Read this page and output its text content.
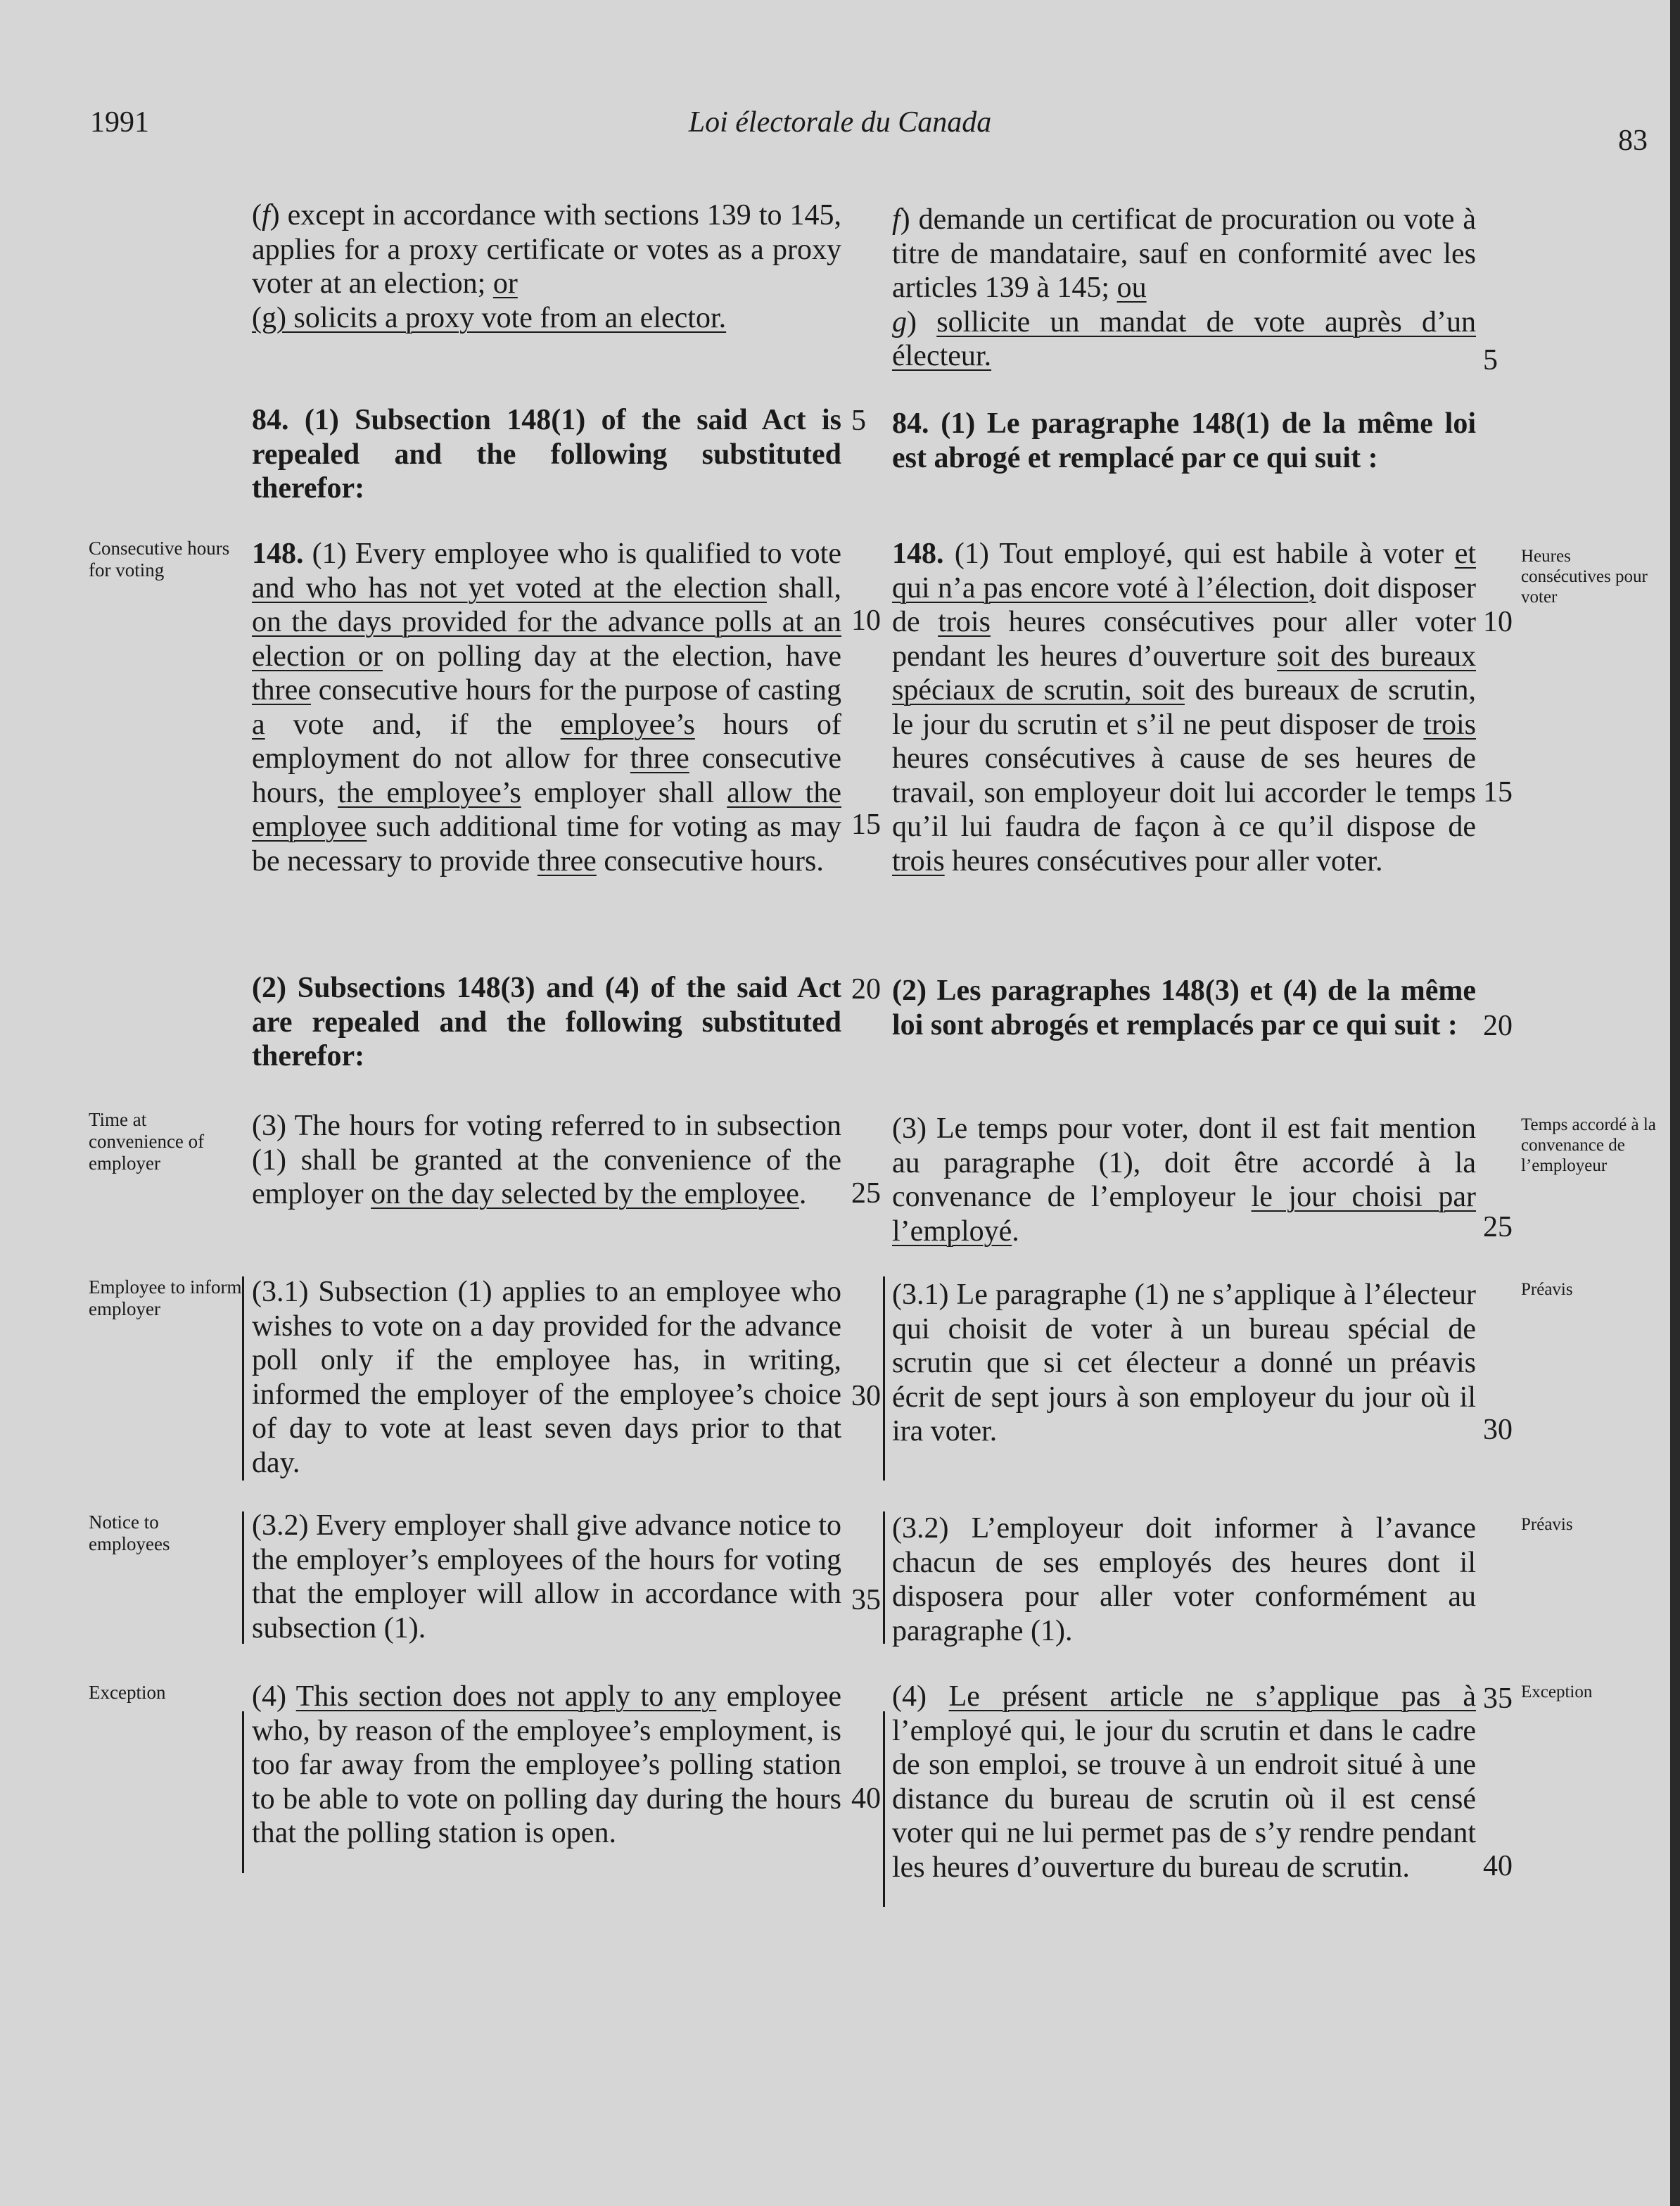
1991	Loi électorale du Canada
83

(f) except in accordance with sections 139 to 145, applies for a proxy certificate or votes as a proxy voter at an election; or

(g) solicits a proxy vote from an elector.

84. (1) Subsection 148(1) of the said Act is repealed and the following substituted therefor:

148. (1) Every employee who is qualified to vote and who has not yet voted at the election shall, on the days provided for the advance polls at an election or on polling day at the election, have three consecutive hours for the purpose of casting a vote and, if the employee’s hours of employment do not allow for three consecutive hours, the employee’s employer shall allow the employee such additional time for voting as may be necessary to provide three consecutive hours.

(2) Subsections 148(3) and (4) of the said Act are repealed and the following substituted therefor:

(3) The hours for voting referred to in subsection (1) shall be granted at the convenience of the employer on the day selected by the employee.

(3.1) Subsection (1) applies to an employee who wishes to vote on a day provided for the advance poll only if the employee has, in writing, informed the employer of the employee’s choice of day to vote at least seven days prior to that day.
(3.2) Every employer shall give advance notice to the employer’s employees of the hours for voting that the employer will allow in accordance with subsection (1).

(4) This section does not apply to any employee who, by reason of the employee’s employment, is too far away from the employee’s polling station to be able to vote on polling day during the hours that the polling station is open.

f) demande un certificat de procuration ou vote à titre de mandataire, sauf en conformité avec les articles 139 à 145; ou

g) sollicite un mandat de vote auprès d’un électeur.

84. (1) Le paragraphe 148(1) de la même loi est abrogé et remplacé par ce qui suit :

148. (1) Tout employé, qui est habile à voter et qui n’a pas encore voté à l’élection, doit disposer de trois heures consécutives pour aller voter pendant les heures d’ouverture soit des bureaux spéciaux de scrutin, soit des bureaux de scrutin, le jour du scrutin et s’il ne peut disposer de trois heures consécutives à cause de ses heures de travail, son employeur doit lui accorder le temps qu’il lui faudra de façon à ce qu’il dispose de trois heures consécutives pour aller voter.

(2) Les paragraphes 148(3) et (4) de la même loi sont abrogés et remplacés par ce qui suit :

(3) Le temps pour voter, dont il est fait mention au paragraphe (1), doit être accordé à la convenance de l’employeur le jour choisi par l’employé.

(3.1) Le paragraphe (1) ne s’applique à l’électeur qui choisit de voter à un bureau spécial de scrutin que si cet électeur a donné un préavis écrit de sept jours à son employeur du jour où il ira voter.
(3.2) L’employeur doit informer à l’avance chacun de ses employés des heures dont il disposera pour aller voter conformément au paragraphe (1).

(4) Le présent article ne s’applique pas à l’employé qui, le jour du scrutin et dans le cadre de son emploi, se trouve à un endroit situé à une distance du bureau de scrutin où il est censé voter qui ne lui permet pas de s’y rendre pendant les heures d’ouverture du bureau de scrutin.

5
10
15
20
25
30
35
40
5
10
15
20
25
30
35
40
Consecutive hours for voting
Time at convenience of employer
Employee to inform employer
Notice to employees
Exception
Heures consécutives pour voter
Temps accordé à la convenance de l’employeur
Préavis
Préavis
Exception
